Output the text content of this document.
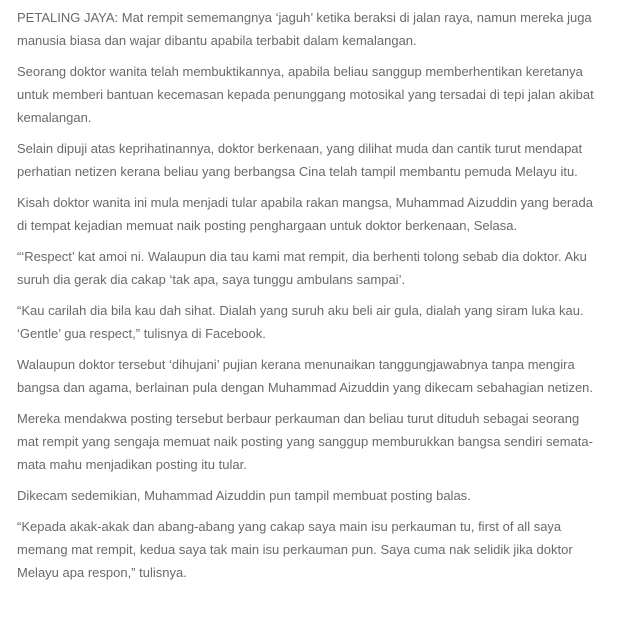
PETALING JAYA: Mat rempit sememangnya ‘jaguh’ ketika beraksi di jalan raya, namun mereka juga
manusia biasa dan wajar dibantu apabila terbabit dalam kemalangan.

Seorang doktor wanita telah membuktikannya, apabila beliau sanggup memberhentikan keretanya
untuk memberi bantuan kecemasan kepada penunggang motosikal yang tersadai di tepi jalan akibat
kemalangan.

Selain dipuji atas keprihatinannya, doktor berkenaan, yang dilihat muda dan cantik turut mendapat
perhatian netizen kerana beliau yang berbangsa Cina telah tampil membantu pemuda Melayu itu.

Kisah doktor wanita ini mula menjadi tular apabila rakan mangsa, Muhammad Aizuddin yang berada
di tempat kejadian memuat naik posting penghargaan untuk doktor berkenaan, Selasa.

“‘Respect’ kat amoi ni. Walaupun dia tau kami mat rempit, dia berhenti tolong sebab dia doktor. Aku
suruh dia gerak dia cakap ‘tak apa, saya tunggu ambulans sampai’.

“Kau carilah dia bila kau dah sihat. Dialah yang suruh aku beli air gula, dialah yang siram luka kau.
‘Gentle’ gua respect,” tulisnya di Facebook.

Walaupun doktor tersebut ‘dihujani’ pujian kerana menunaikan tanggungjawabnya tanpa mengira
bangsa dan agama, berlainan pula dengan Muhammad Aizuddin yang dikecam sebahagian netizen.

Mereka mendakwa posting tersebut berbaur perkauman dan beliau turut dituduh sebagai seorang
mat rempit yang sengaja memuat naik posting yang sanggup memburukkan bangsa sendiri semata-
mata mahu menjadikan posting itu tular.

Dikecam sedemikian, Muhammad Aizuddin pun tampil membuat posting balas.

“Kepada akak-akak dan abang-abang yang cakap saya main isu perkauman tu, first of all saya
memang mat rempit, kedua saya tak main isu perkauman pun. Saya cuma nak selidik jika doktor
Melayu apa respon,” tulisnya.
